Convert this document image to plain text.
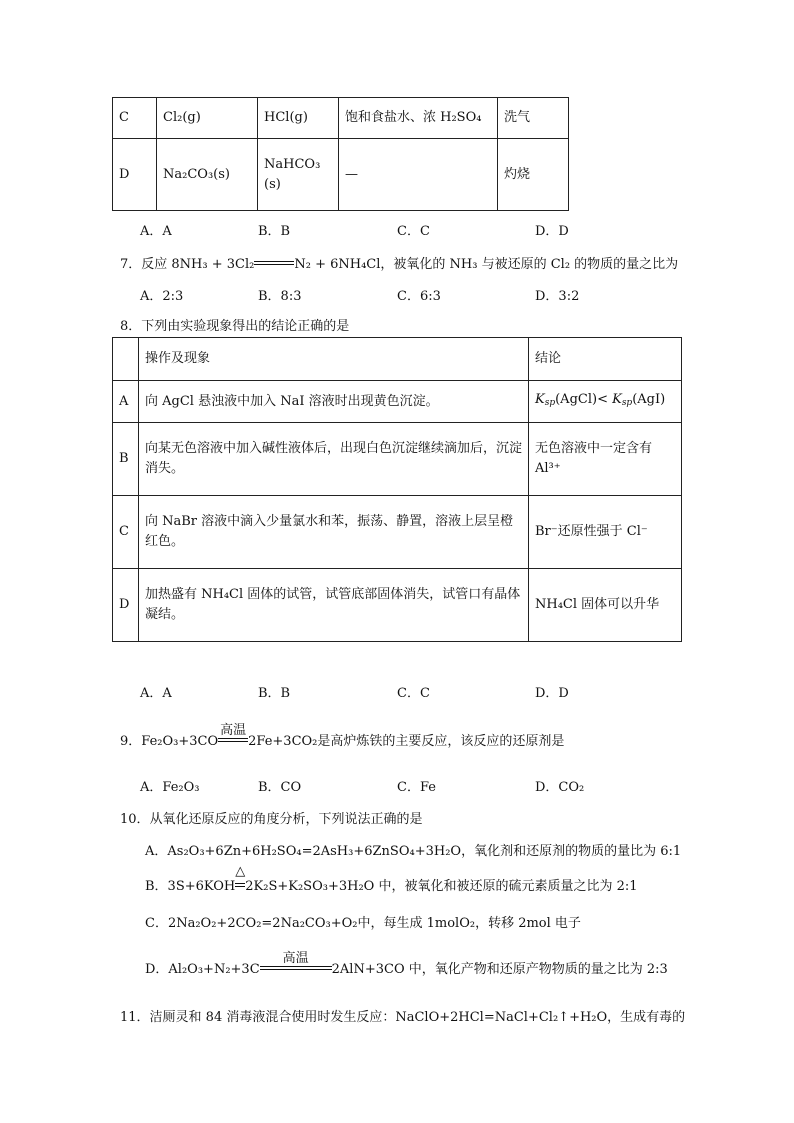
C	Cl₂(g)	HCl(g)	饱和食盐水、浓 H₂SO₄	洗气
D	Na₂CO₃(s)	NaHCO₃(s)	—	灼烧
A．A	B．B	C．C	D．D
7．反应 8NH₃ + 3Cl₂	N₂ + 6NH₄Cl，被氧化的 NH₃ 与被还原的 Cl₂ 的物质的量之比为
A．2:3	B．8:3	C．6:3	D．3:2
8．下列由实验现象得出的结论正确的是
	操作及现象	结论
A	向 AgCl 悬浊液中加入 NaI 溶液时出现黄色沉淀。	$K_{sp}(AgCl)< K_{sp}(AgI)$
B	向某无色溶液中加入碱性液体后，出现白色沉淀继续滴加后，沉淀消失。	无色溶液中一定含有 Al³⁺
C	向 NaBr 溶液中滴入少量氯水和苯，振荡、静置，溶液上层呈橙红色。	Br⁻还原性强于 Cl⁻
D	加热盛有 NH₄Cl 固体的试管，试管底部固体消失，试管口有晶体凝结。	NH₄Cl 固体可以升华
A．A	B．B	C．C	D．D
9．Fe₂O₃+3CO
高温
2Fe+3CO₂是高炉炼铁的主要反应，该反应的还原剂是
A．Fe₂O₃	B．CO	C．Fe	D．CO₂
10．从氧化还原反应的角度分析，下列说法正确的是
A．As₂O₃+6Zn+6H₂SO₄=2AsH₃+6ZnSO₄+3H₂O，氧化剂和还原剂的物质的量比为 6:1
B．3S+6KOH
△
2K₂S+K₂SO₃+3H₂O 中，被氧化和被还原的硫元素质量之比为 2:1
C．2Na₂O₂+2CO₂=2Na₂CO₃+O₂中，每生成 1molO₂，转移 2mol 电子
D．Al₂O₃+N₂+3C
高温
2AlN+3CO 中，氧化产物和还原产物物质的量之比为 2:3
11．洁厕灵和 84 消毒液混合使用时发生反应：NaClO+2HCl=NaCl+Cl₂↑+H₂O，生成有毒的
